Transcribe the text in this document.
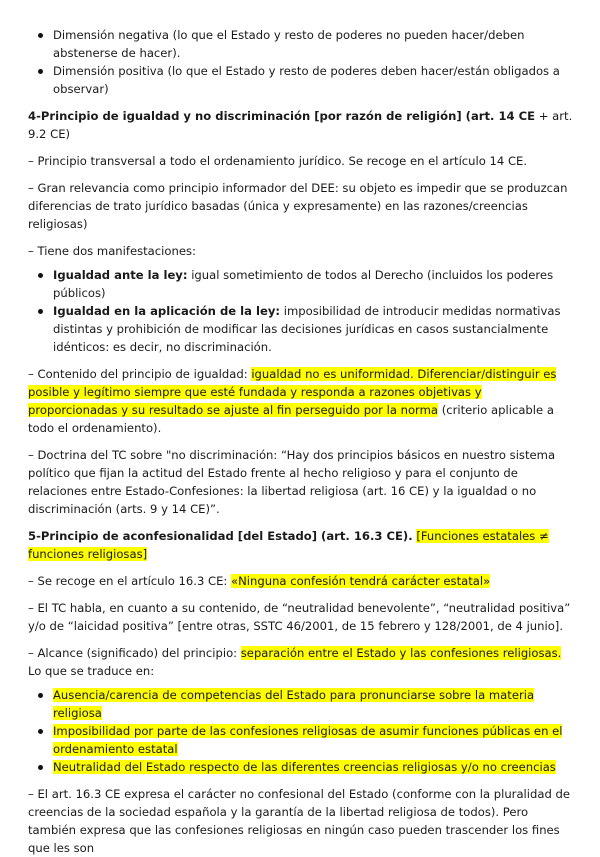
Dimensión negativa (lo que el Estado y resto de poderes no pueden hacer/deben abstenerse de hacer).
Dimensión positiva (lo que el Estado y resto de poderes deben hacer/están obligados a observar)

4-Principio de igualdad y no discriminación [por razón de religión] (art. 14 CE + art. 9.2 CE)

– Principio transversal a todo el ordenamiento jurídico. Se recoge en el artículo 14 CE.

– Gran relevancia como principio informador del DEE: su objeto es impedir que se produzcan diferencias de trato jurídico basadas (única y expresamente) en las razones/creencias religiosas)

– Tiene dos manifestaciones:

Igualdad ante la ley: igual sometimiento de todos al Derecho (incluidos los poderes públicos)
Igualdad en la aplicación de la ley: imposibilidad de introducir medidas normativas distintas y prohibición de modificar las decisiones jurídicas en casos sustancialmente idénticos: es decir, no discriminación.

– Contenido del principio de igualdad: igualdad no es uniformidad. Diferenciar/distinguir es posible y legítimo siempre que esté fundada y responda a razones objetivas y proporcionadas y su resultado se ajuste al fin perseguido por la norma (criterio aplicable a todo el ordenamiento).

– Doctrina del TC sobre "no discriminación: “Hay dos principios básicos en nuestro sistema político que fijan la actitud del Estado frente al hecho religioso y para el conjunto de relaciones entre Estado-Confesiones: la libertad religiosa (art. 16 CE) y la igualdad o no discriminación (arts. 9 y 14 CE)”.

5-Principio de aconfesionalidad [del Estado] (art. 16.3 CE). [Funciones estatales ≠ funciones religiosas]

– Se recoge en el artículo 16.3 CE: «Ninguna confesión tendrá carácter estatal»

– El TC habla, en cuanto a su contenido, de “neutralidad benevolente”, “neutralidad positiva” y/o de “laicidad positiva” [entre otras, SSTC 46/2001, de 15 febrero y 128/2001, de 4 junio].

– Alcance (significado) del principio: separación entre el Estado y las confesiones religiosas. Lo que se traduce en:

Ausencia/carencia de competencias del Estado para pronunciarse sobre la materia religiosa
Imposibilidad por parte de las confesiones religiosas de asumir funciones públicas en el ordenamiento estatal
Neutralidad del Estado respecto de las diferentes creencias religiosas y/o no creencias

– El art. 16.3 CE expresa el carácter no confesional del Estado (conforme con la pluralidad de creencias de la sociedad española y la garantía de la libertad religiosa de todos). Pero también expresa que las confesiones religiosas en ningún caso pueden trascender los fines que les son
